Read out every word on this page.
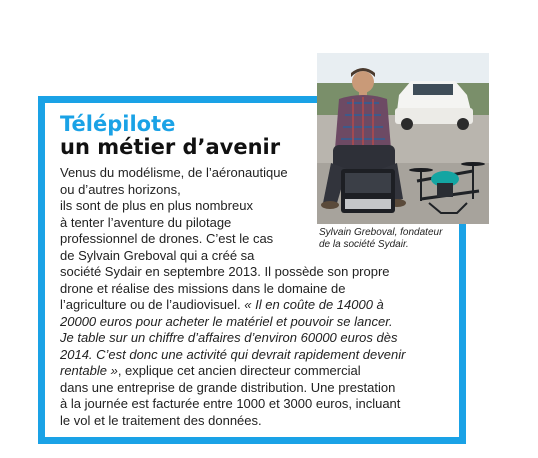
Télépilote
un métier d’avenir

Venus du modélisme, de l’aéronautique

ou d’autres horizons,

ils sont de plus en plus nombreux

à tenter l’aventure du pilotage

professionnel de drones. C’est le cas

de Sylvain Greboval qui a créé sa

société Sydair en septembre 2013. Il possède son propre

drone et réalise des missions dans le domaine de

l’agriculture ou de l’audiovisuel. « Il en coûte de 14000 à

20000 euros pour acheter le matériel et pouvoir se lancer.

Je table sur un chiffre d’affaires d’environ 60000 euros dès

2014. C’est donc une activité qui devrait rapidement devenir

rentable », explique cet ancien directeur commercial

dans une entreprise de grande distribution. Une prestation

à la journée est facturée entre 1000 et 3000 euros, incluant

le vol et le traitement des données.

Sylvain Greboval, fondateur
de la société Sydair.
